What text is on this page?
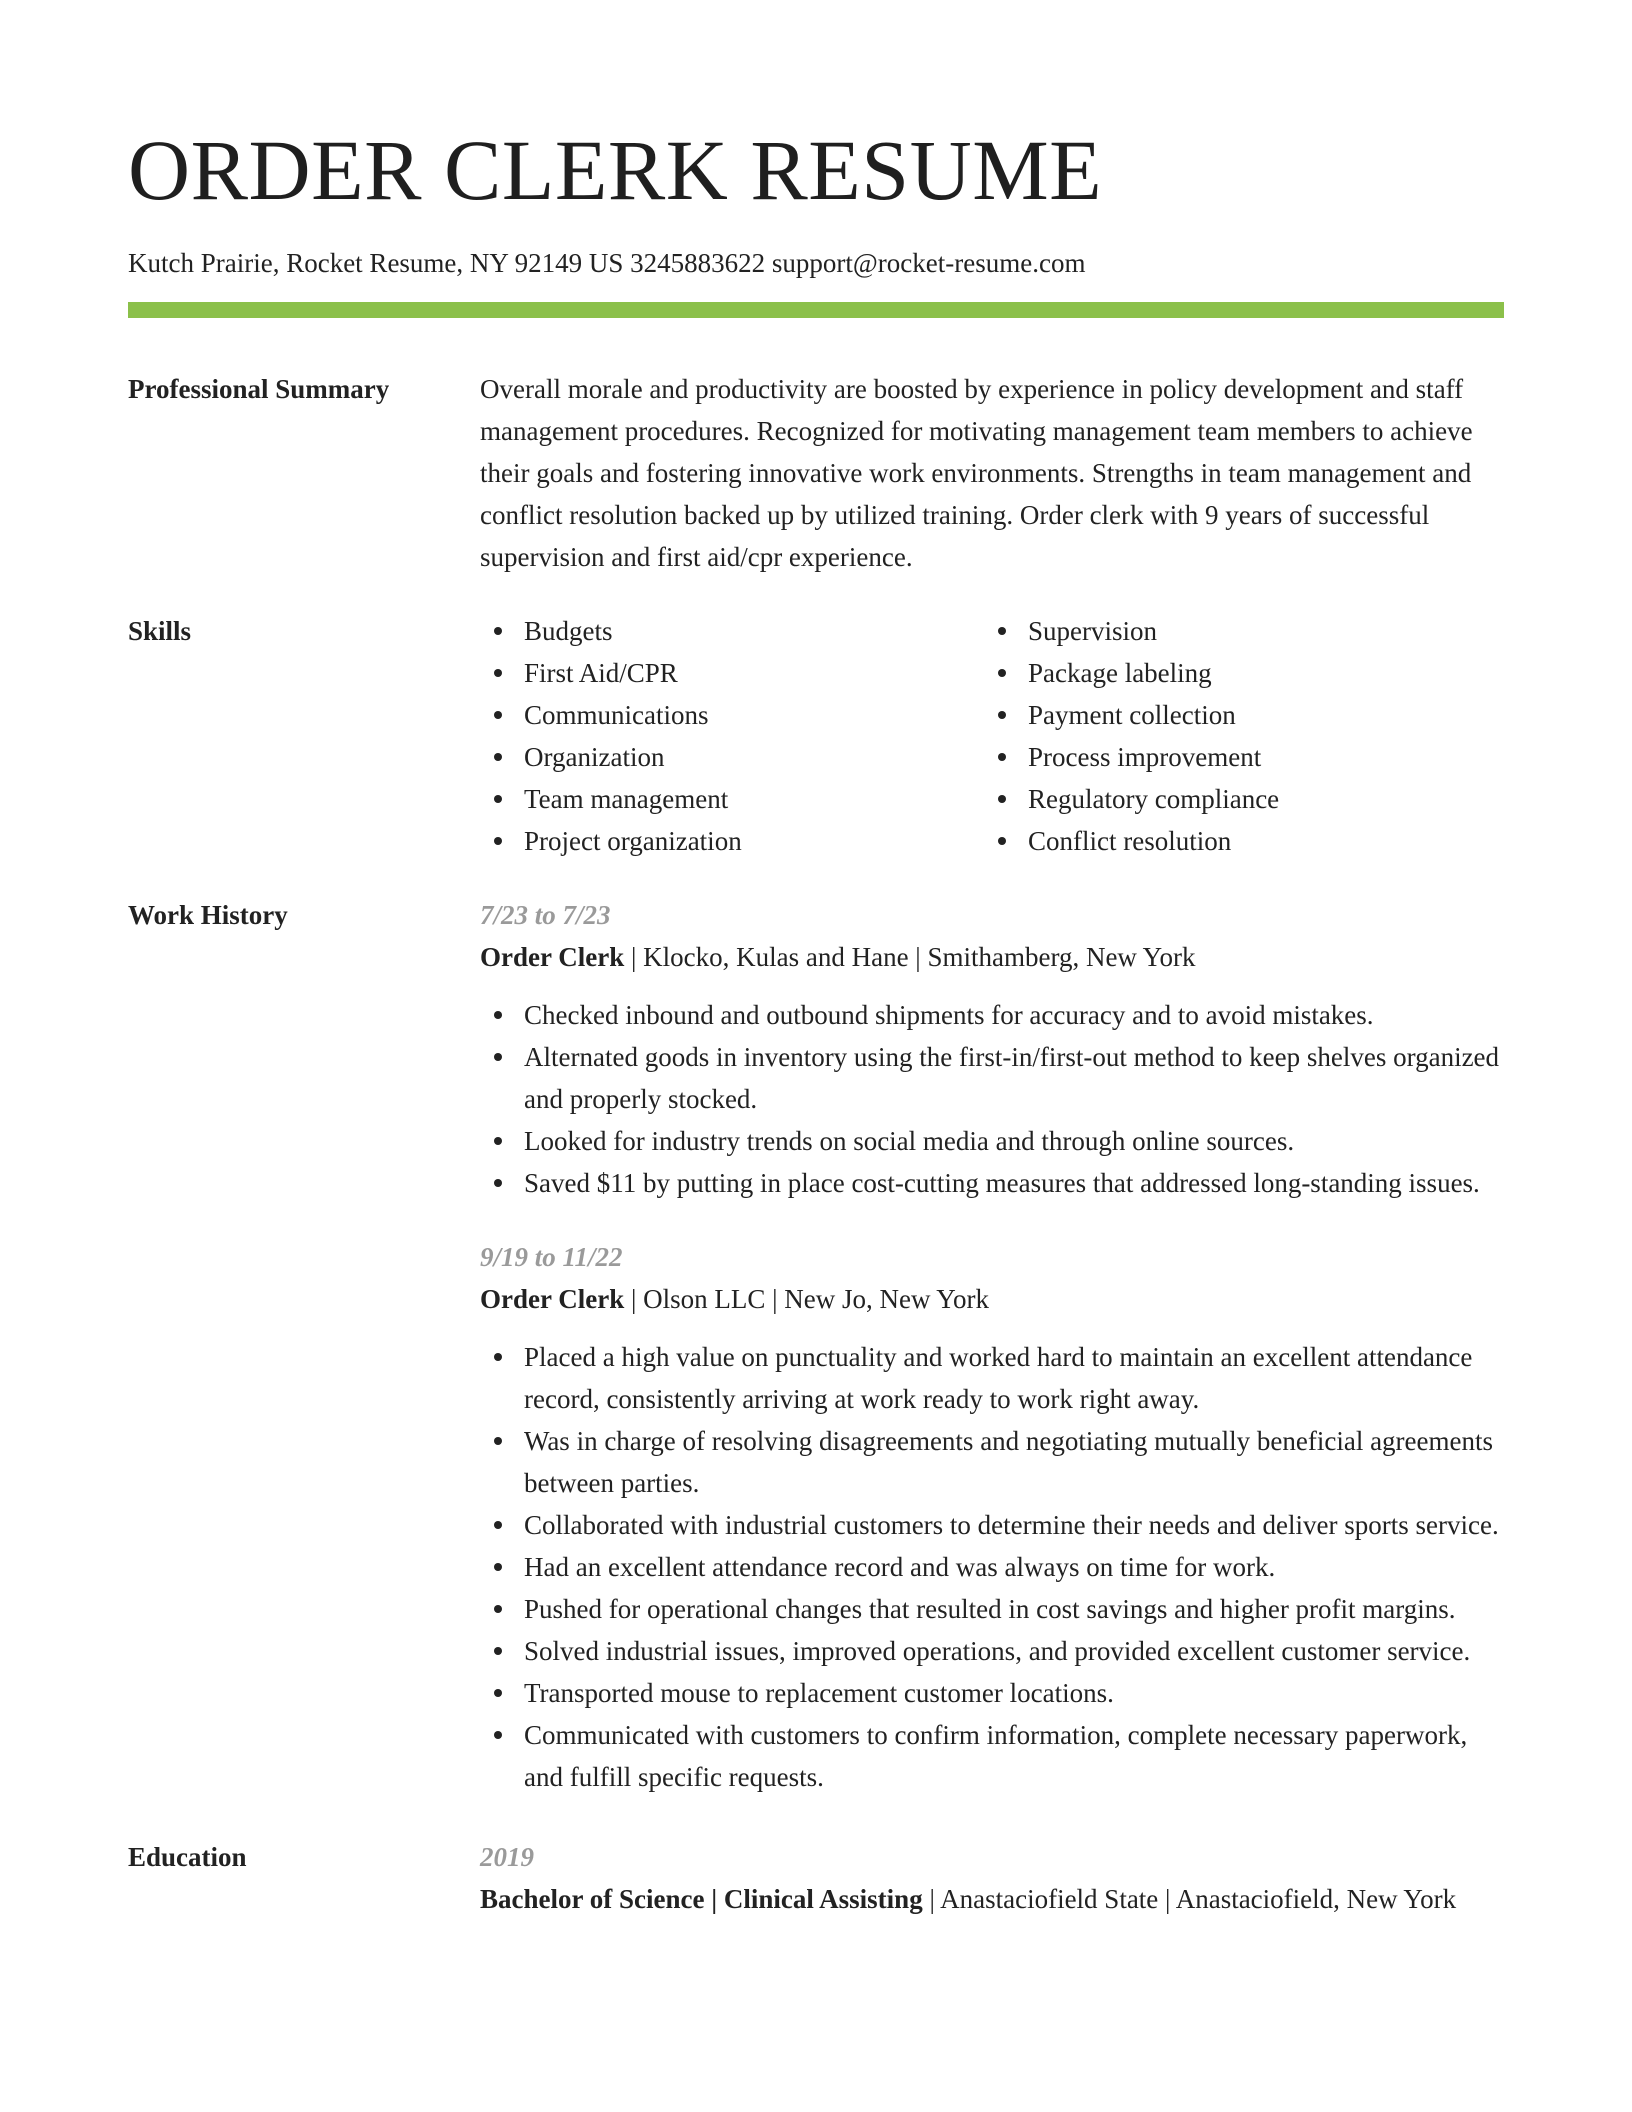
ORDER CLERK RESUME
Kutch Prairie, Rocket Resume, NY 92149 US 3245883622 support@rocket-resume.com
Professional Summary	Overall morale and productivity are boosted by experience in policy development and staff management procedures. Recognized for motivating management team members to achieve their goals and fostering innovative work environments. Strengths in team management and conflict resolution backed up by utilized training. Order clerk with 9 years of successful supervision and first aid/cpr experience.
Skills	Budgets
First Aid/CPR
Communications
Organization
Team management
Project organization
Supervision
Package labeling
Payment collection
Process improvement
Regulatory compliance
Conflict resolution
Work History	7/23 to 7/23
Order Clerk | Klocko, Kulas and Hane | Smithamberg, New York
Checked inbound and outbound shipments for accuracy and to avoid mistakes.
Alternated goods in inventory using the first-in/first-out method to keep shelves organized and properly stocked.
Looked for industry trends on social media and through online sources.
Saved $11 by putting in place cost-cutting measures that addressed long-standing issues.
9/19 to 11/22
Order Clerk | Olson LLC | New Jo, New York
Placed a high value on punctuality and worked hard to maintain an excellent attendance record, consistently arriving at work ready to work right away.
Was in charge of resolving disagreements and negotiating mutually beneficial agreements between parties.
Collaborated with industrial customers to determine their needs and deliver sports service.
Had an excellent attendance record and was always on time for work.
Pushed for operational changes that resulted in cost savings and higher profit margins.
Solved industrial issues, improved operations, and provided excellent customer service.
Transported mouse to replacement customer locations.
Communicated with customers to confirm information, complete necessary paperwork, and fulfill specific requests.
Education	2019
Bachelor of Science | Clinical Assisting | Anastaciofield State | Anastaciofield, New York
